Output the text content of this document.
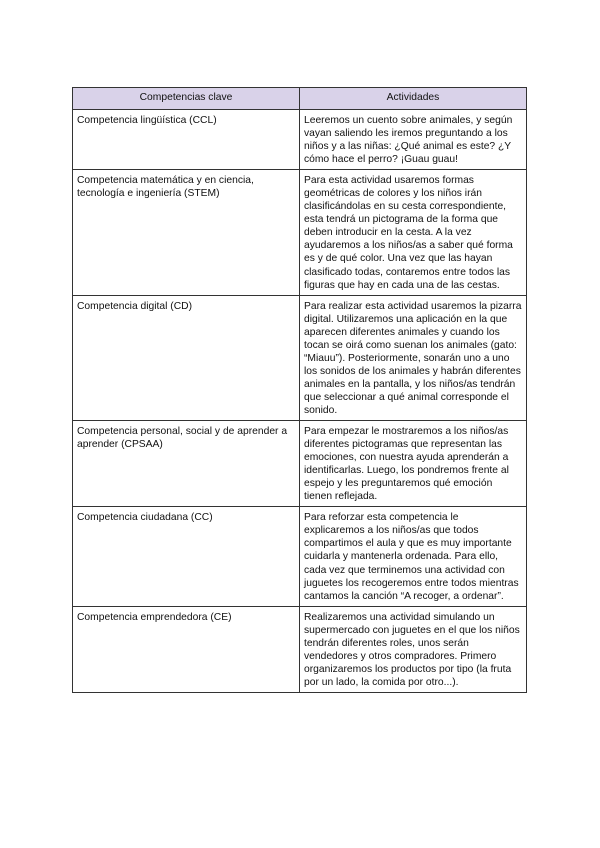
Competencias clave	Actividades
Competencia lingüística (CCL)	Leeremos un cuento sobre animales, y según vayan saliendo les iremos preguntando a los niños y a las niñas: ¿Qué animal es este? ¿Y cómo hace el perro? ¡Guau guau!
Competencia matemática y en ciencia, tecnología e ingeniería (STEM)	Para esta actividad usaremos formas geométricas de colores y los niños irán clasificándolas en su cesta correspondiente, esta tendrá un pictograma de la forma que deben introducir en la cesta. A la vez ayudaremos a los niños/as a saber qué forma es y de qué color. Una vez que las hayan clasificado todas, contaremos entre todos las figuras que hay en cada una de las cestas.
Competencia digital (CD)	Para realizar esta actividad usaremos la pizarra digital. Utilizaremos una aplicación en la que aparecen diferentes animales y cuando los tocan se oirá como suenan los animales (gato: “Miauu”). Posteriormente, sonarán uno a uno los sonidos de los animales y habrán diferentes animales en la pantalla, y los niños/as tendrán que seleccionar a qué animal corresponde el sonido.
Competencia personal, social y de aprender a aprender (CPSAA)	Para empezar le mostraremos a los niños/as diferentes pictogramas que representan las emociones, con nuestra ayuda aprenderán a identificarlas. Luego, los pondremos frente al espejo y les preguntaremos qué emoción tienen reflejada.
Competencia ciudadana (CC)	Para reforzar esta competencia le explicaremos a los niños/as que todos compartimos el aula y que es muy importante cuidarla y mantenerla ordenada. Para ello, cada vez que terminemos una actividad con juguetes los recogeremos entre todos mientras cantamos la canción “A recoger, a ordenar”.
Competencia emprendedora (CE)	Realizaremos una actividad simulando un supermercado con juguetes en el que los niños tendrán diferentes roles, unos serán vendedores y otros compradores. Primero organizaremos los productos por tipo (la fruta por un lado, la comida por otro...).
